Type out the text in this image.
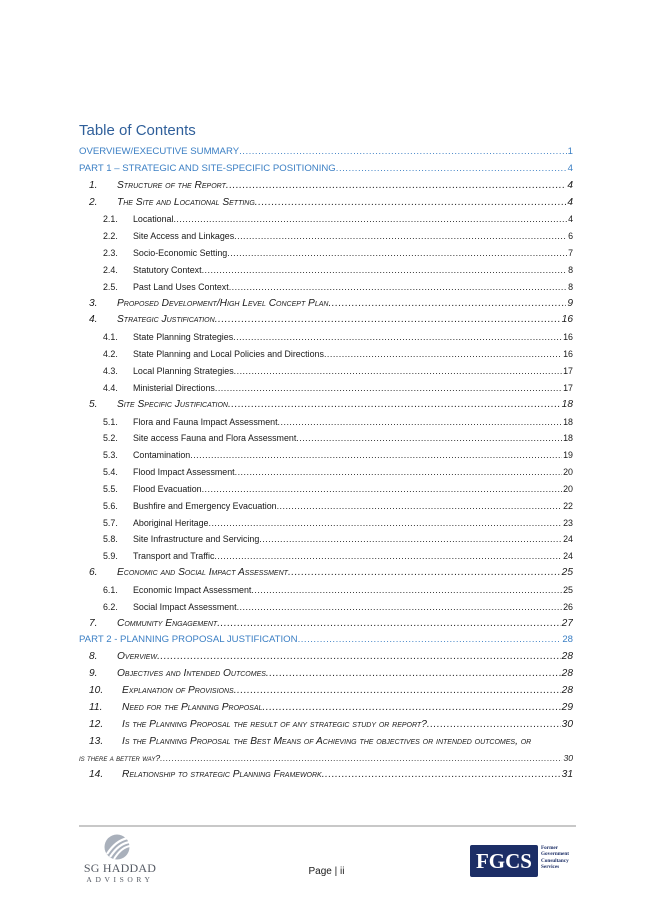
Table of Contents
OVERVIEW/EXECUTIVE SUMMARY .....	1
PART 1 – STRATEGIC AND SITE-SPECIFIC POSITIONING .....	4
1.	Structure of the Report .....	4
2.	The Site and Locational Setting .....	4
2.1.	Locational .....	4
2.2.	Site Access and Linkages .....	6
2.3.	Socio-Economic Setting .....	7
2.4.	Statutory Context .....	8
2.5.	Past Land Uses Context .....	8
3.	Proposed Development/High Level Concept Plan .....	9
4.	Strategic Justification .....	16
4.1.	State Planning Strategies .....	16
4.2.	State Planning and Local Policies and Directions .....	16
4.3.	Local Planning Strategies .....	17
4.4.	Ministerial Directions .....	17
5.	Site Specific Justification .....	18
5.1.	Flora and Fauna Impact Assessment .....	18
5.2.	Site access Fauna and Flora Assessment .....	18
5.3.	Contamination .....	19
5.4.	Flood Impact Assessment .....	20
5.5.	Flood Evacuation .....	20
5.6.	Bushfire and Emergency Evacuation .....	22
5.7.	Aboriginal Heritage .....	23
5.8.	Site Infrastructure and Servicing .....	24
5.9.	Transport and Traffic .....	24
6.	Economic and Social Impact Assessment .....	25
6.1.	Economic Impact Assessment .....	25
6.2.	Social Impact Assessment .....	26
7.	Community Engagement .....	27
PART 2 - PLANNING PROPOSAL JUSTIFICATION .....	28
8.	Overview .....	28
9.	Objectives and Intended Outcomes .....	28
10.	Explanation of Provisions .....	28
11.	Need for the Planning Proposal .....	29
12.	Is the Planning Proposal the result of any strategic study or report? .....	30
13.	Is the Planning Proposal the Best Means of Achieving the objectives or intended outcomes, or
is there a better way? .....	30
14.	Relationship to strategic Planning Framework .....	31
SG HADDAD
ADVISORY
Page | ii	FGCS
Former
Government
Consultancy
Services
